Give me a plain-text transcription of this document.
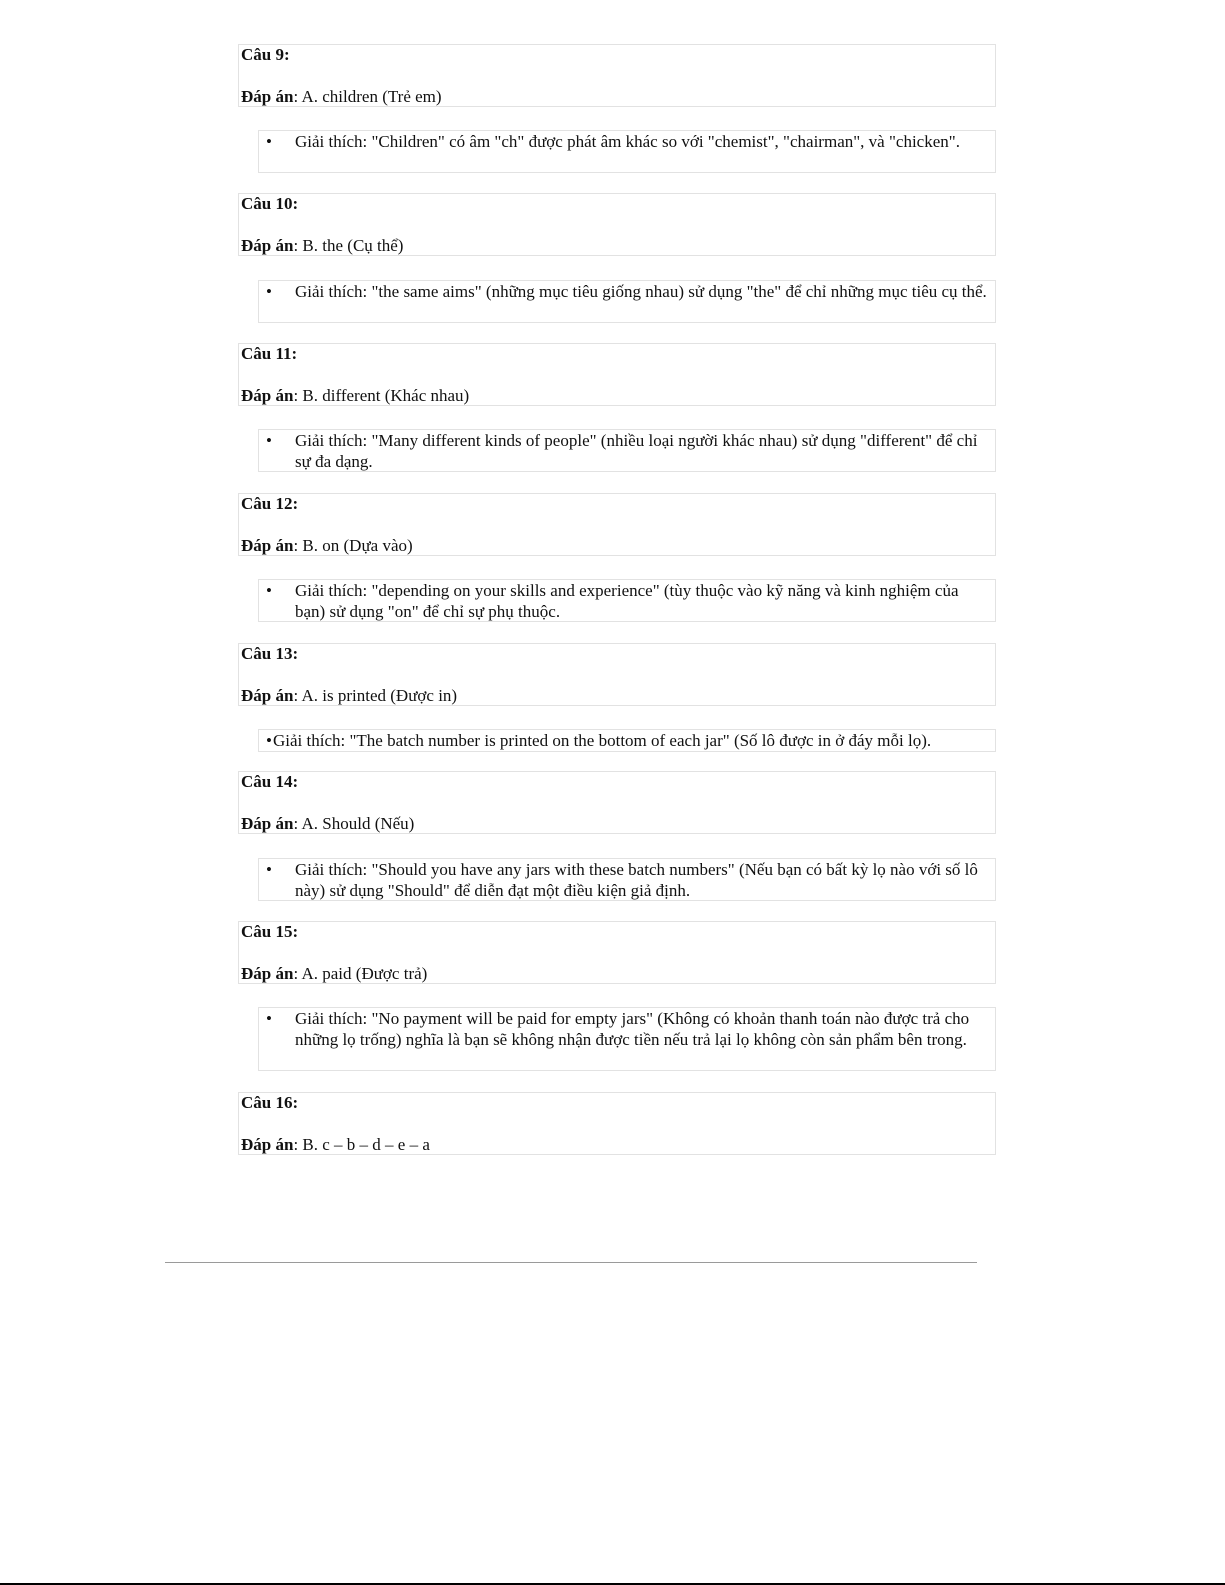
Câu 9:
Đáp án: A. children (Trẻ em)
• Giải thích: "Children" có âm "ch" được phát âm khác so với "chemist", "chairman", và "chicken".
Câu 10:
Đáp án: B. the (Cụ thể)
• Giải thích: "the same aims" (những mục tiêu giống nhau) sử dụng "the" để chỉ những mục tiêu cụ thể.
Câu 11:
Đáp án: B. different (Khác nhau)
• Giải thích: "Many different kinds of people" (nhiều loại người khác nhau) sử dụng "different" để chỉ sự đa dạng.
Câu 12:
Đáp án: B. on (Dựa vào)
• Giải thích: "depending on your skills and experience" (tùy thuộc vào kỹ năng và kinh nghiệm của bạn) sử dụng "on" để chỉ sự phụ thuộc.
Câu 13:
Đáp án: A. is printed (Được in)
• Giải thích: "The batch number is printed on the bottom of each jar" (Số lô được in ở đáy mỗi lọ).
Câu 14:
Đáp án: A. Should (Nếu)
• Giải thích: "Should you have any jars with these batch numbers" (Nếu bạn có bất kỳ lọ nào với số lô này) sử dụng "Should" để diễn đạt một điều kiện giả định.
Câu 15:
Đáp án: A. paid (Được trả)
• Giải thích: "No payment will be paid for empty jars" (Không có khoản thanh toán nào được trả cho những lọ trống) nghĩa là bạn sẽ không nhận được tiền nếu trả lại lọ không còn sản phẩm bên trong.
Câu 16:
Đáp án: B. c – b – d – e – a
